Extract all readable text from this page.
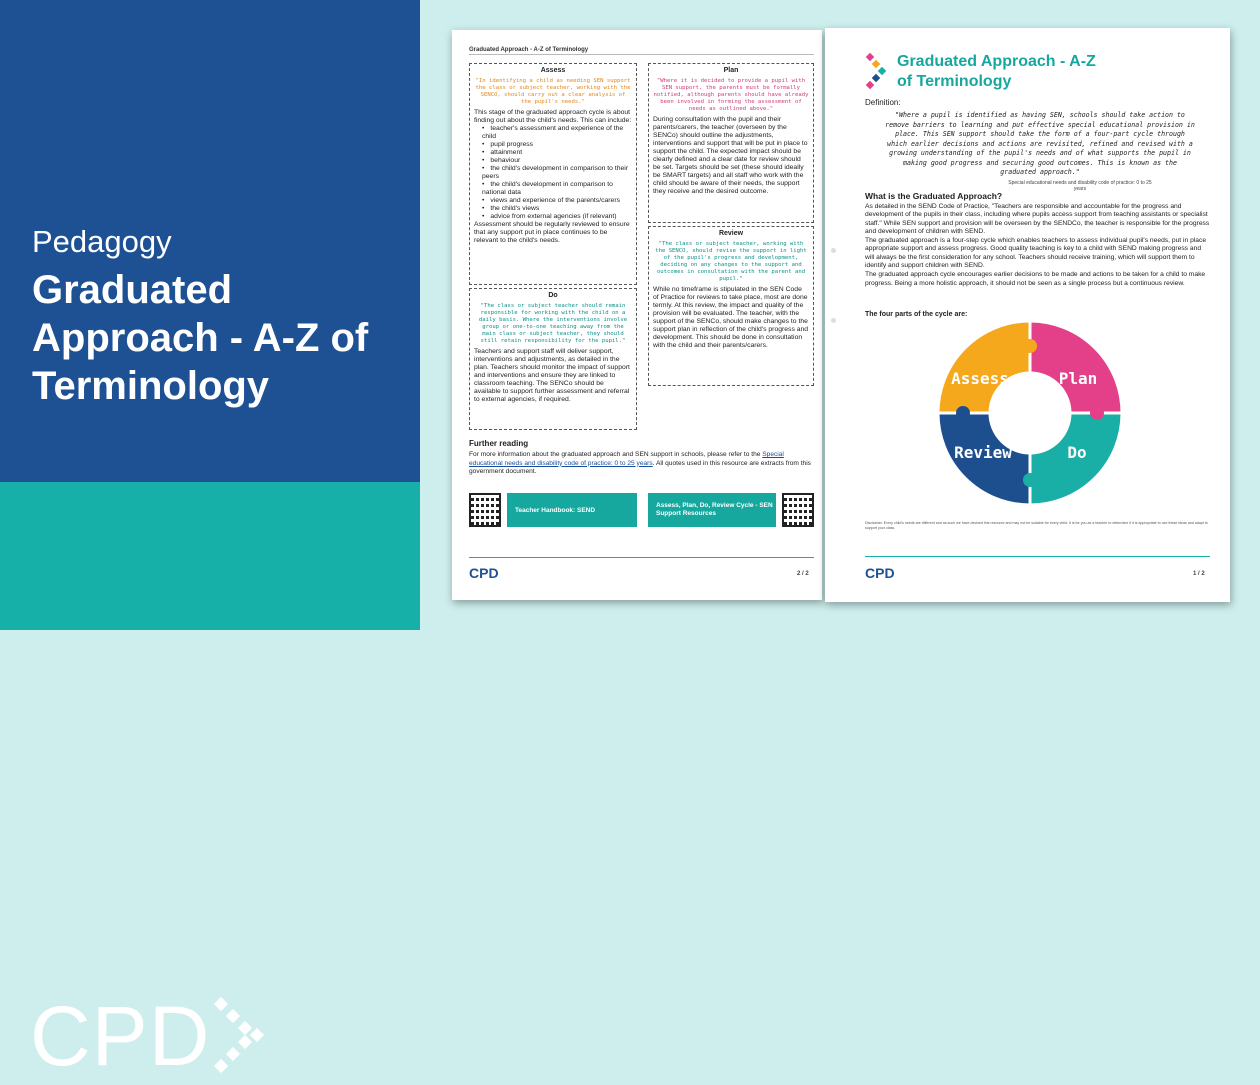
Pedagogy
Graduated Approach - A-Z of Terminology
CPD
Graduated Approach - A-Z of Terminology
Assess
"In identifying a child as needing SEN support the class or subject teacher, working with the SENCO, should carry out a clear analysis of the pupil's needs."
This stage of the graduated approach cycle is about finding out about the child's needs. This can include:
• teacher's assessment and experience of the child
• pupil progress
• attainment
• behaviour
• the child's development in comparison to their peers
• the child's development in comparison to national data
• views and experience of the parents/carers
• the child's views
• advice from external agencies (if relevant)
Assessment should be regularly reviewed to ensure that any support put in place continues to be relevant to the child's needs.
Do
"The class or subject teacher should remain responsible for working with the child on a daily basis. Where the interventions involve group or one-to-one teaching away from the main class or subject teacher, they should still retain responsibility for the pupil."
Teachers and support staff will deliver support, interventions and adjustments, as detailed in the plan. Teachers should monitor the impact of support and interventions and ensure they are linked to classroom teaching. The SENCo should be available to support further assessment and referral to external agencies, if required.
Plan
"Where it is decided to provide a pupil with SEN support, the parents must be formally notified, although parents should have already been involved in forming the assessment of needs as outlined above."
During consultation with the pupil and their parents/carers, the teacher (overseen by the SENCo) should outline the adjustments, interventions and support that will be put in place to support the child. The expected impact should be clearly defined and a clear date for review should be set. Targets should be set (these should ideally be SMART targets) and all staff who work with the child should be aware of their needs, the support they receive and the desired outcome.
Review
"The class or subject teacher, working with the SENCO, should revise the support in light of the pupil's progress and development, deciding on any changes to the support and outcomes in consultation with the parent and pupil."
While no timeframe is stipulated in the SEN Code of Practice for reviews to take place, most are done termly. At this review, the impact and quality of the provision will be evaluated. The teacher, with the support of the SENCo, should make changes to the support plan in reflection of the child's progress and development. This should be done in consultation with the child and their parents/carers.
Further reading
For more information about the graduated approach and SEN support in schools, please refer to the Special educational needs and disability code of practice: 0 to 25 years. All quotes used in this resource are extracts from this government document.
Teacher Handbook: SEND
Assess, Plan, Do, Review Cycle - SEN Support Resources
CPD	2 / 2
Graduated Approach - A-Z of Terminology
Definition:
"Where a pupil is identified as having SEN, schools should take action to remove barriers to learning and put effective special educational provision in place. This SEN support should take the form of a four-part cycle through which earlier decisions and actions are revisited, refined and revised with a growing understanding of the pupil's needs and of what supports the pupil in making good progress and securing good outcomes. This is known as the graduated approach."
Special educational needs and disability code of practice: 0 to 25 years
What is the Graduated Approach?

As detailed in the SEND Code of Practice, "Teachers are responsible and accountable for the progress and development of the pupils in their class, including where pupils access support from teaching assistants or specialist staff." While SEN support and provision will be overseen by the SENDCo, the teacher is responsible for the progress and development of children with SEND.

The graduated approach is a four-step cycle which enables teachers to assess individual pupil's needs, put in place appropriate support and assess progress. Good quality teaching is key to a child with SEND making progress and will always be the first consideration for any school. Teachers should receive training, which will support them to identify and support children with SEND.

The graduated approach cycle encourages earlier decisions to be made and actions to be taken for a child to make progress. Being a more holistic approach, it should not be seen as a single process but a continuous review.

The four parts of the cycle are:
Assess	Plan
Review	Do
Disclaimer: Every child's needs are different and as such we have devised this resource and may not be suitable for every child. It is for you as a teacher to determine if it is appropriate to use these ideas and adapt to support your class.
CPD	1 / 2
